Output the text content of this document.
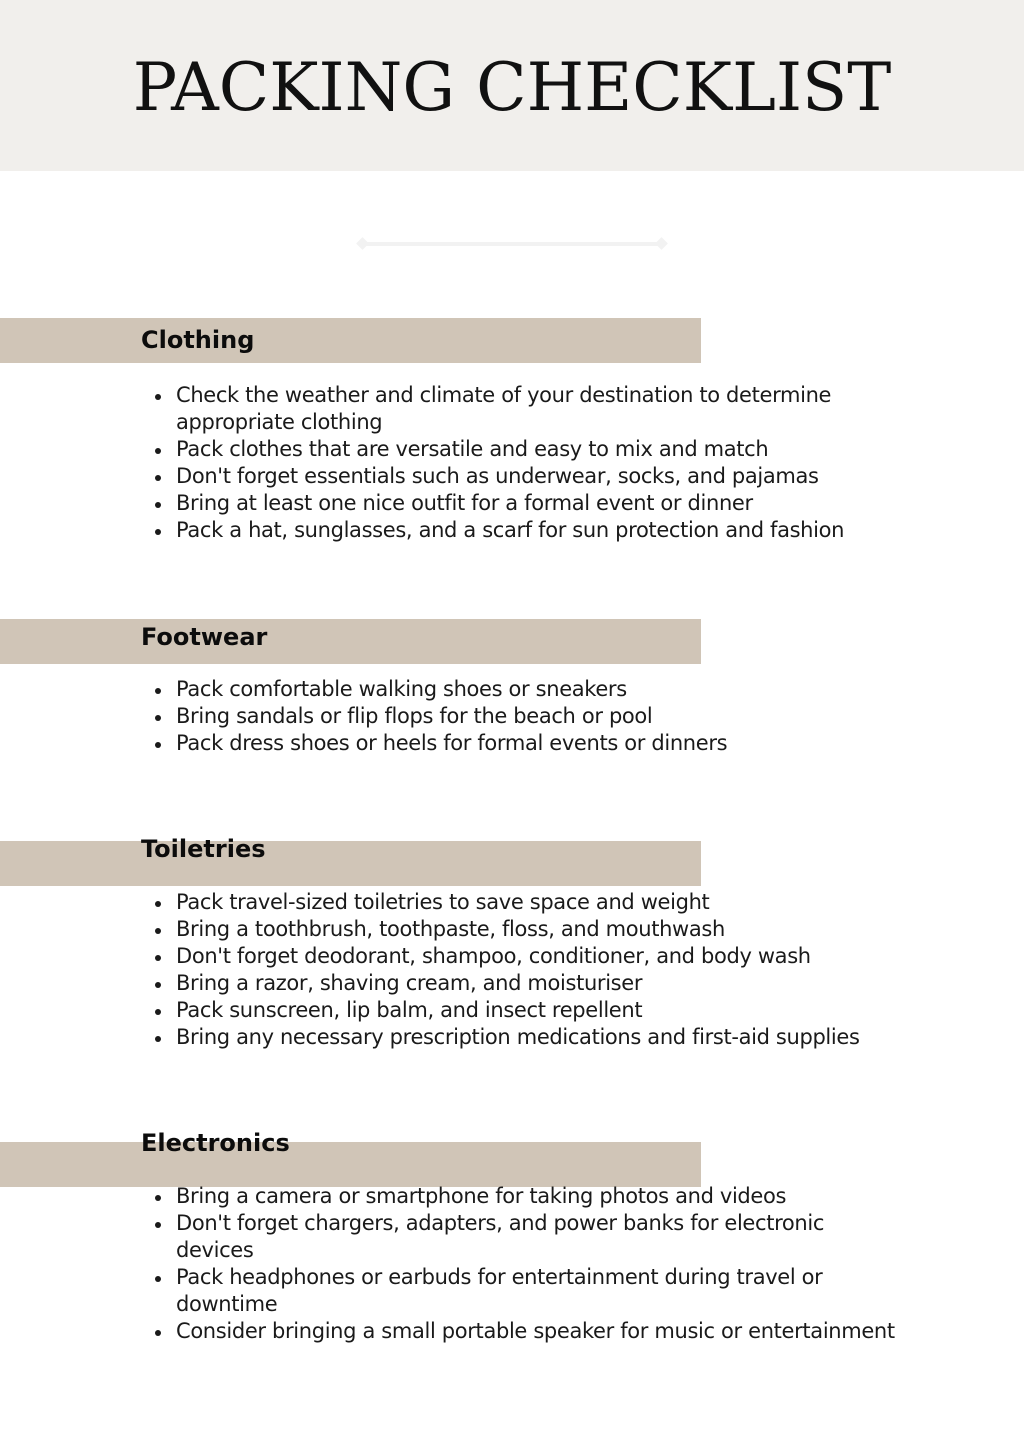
PACKING CHECKLIST
Clothing
Check the weather and climate of your destination to determine appropriate clothing
Pack clothes that are versatile and easy to mix and match
Don't forget essentials such as underwear, socks, and pajamas
Bring at least one nice outfit for a formal event or dinner
Pack a hat, sunglasses, and a scarf for sun protection and fashion
Footwear
Pack comfortable walking shoes or sneakers
Bring sandals or flip flops for the beach or pool
Pack dress shoes or heels for formal events or dinners
Toiletries
Pack travel-sized toiletries to save space and weight
Bring a toothbrush, toothpaste, floss, and mouthwash
Don't forget deodorant, shampoo, conditioner, and body wash
Bring a razor, shaving cream, and moisturiser
Pack sunscreen, lip balm, and insect repellent
Bring any necessary prescription medications and first-aid supplies
Electronics
Bring a camera or smartphone for taking photos and videos
Don't forget chargers, adapters, and power banks for electronic devices
Pack headphones or earbuds for entertainment during travel or downtime
Consider bringing a small portable speaker for music or entertainment
